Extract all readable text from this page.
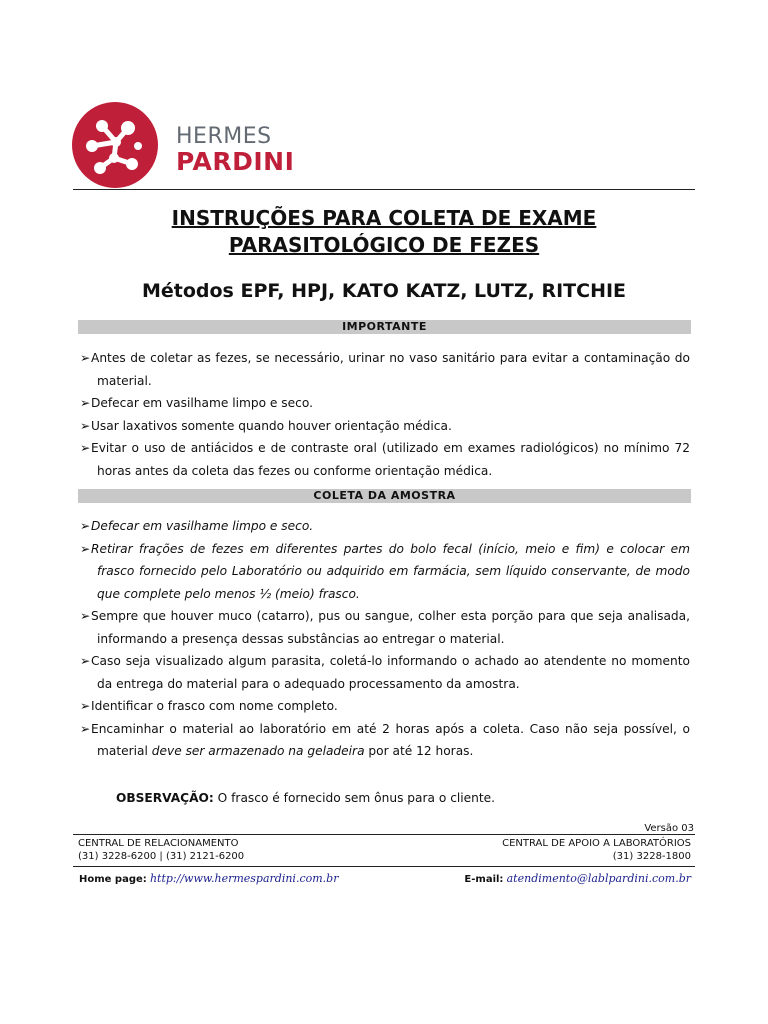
HERMES
PARDINI
INSTRUÇÕES PARA COLETA DE EXAME
PARASITOLÓGICO DE FEZES
Métodos EPF, HPJ, KATO KATZ, LUTZ, RITCHIE
IMPORTANTE
➢Antes de coletar as fezes, se necessário, urinar no vaso sanitário para evitar a contaminação do material.
➢Defecar em vasilhame limpo e seco.
➢Usar laxativos somente quando houver orientação médica.
➢Evitar o uso de antiácidos e de contraste oral (utilizado em exames radiológicos) no mínimo 72 horas antes da coleta das fezes ou conforme orientação médica.
COLETA DA AMOSTRA
➢Defecar em vasilhame limpo e seco.
➢Retirar frações de fezes em diferentes partes do bolo fecal (início, meio e fim) e colocar em frasco fornecido pelo Laboratório ou adquirido em farmácia, sem líquido conservante, de modo que complete pelo menos ½ (meio) frasco.
➢Sempre que houver muco (catarro), pus ou sangue, colher esta porção para que seja analisada, informando a presença dessas substâncias ao entregar o material.
➢Caso seja visualizado algum parasita, coletá-lo informando o achado ao atendente no momento da entrega do material para o adequado processamento da amostra.
➢Identificar o frasco com nome completo.
➢Encaminhar o material ao laboratório em até 2 horas após a coleta. Caso não seja possível, o material deve ser armazenado na geladeira por até 12 horas.
OBSERVAÇÃO: O frasco é fornecido sem ônus para o cliente.
Versão 03
CENTRAL DE RELACIONAMENTO
(31) 3228-6200 | (31) 2121-6200
CENTRAL DE APOIO A LABORATÓRIOS
(31) 3228-1800
Home page: http://www.hermespardini.com.br	E-mail: atendimento@lablpardini.com.br
